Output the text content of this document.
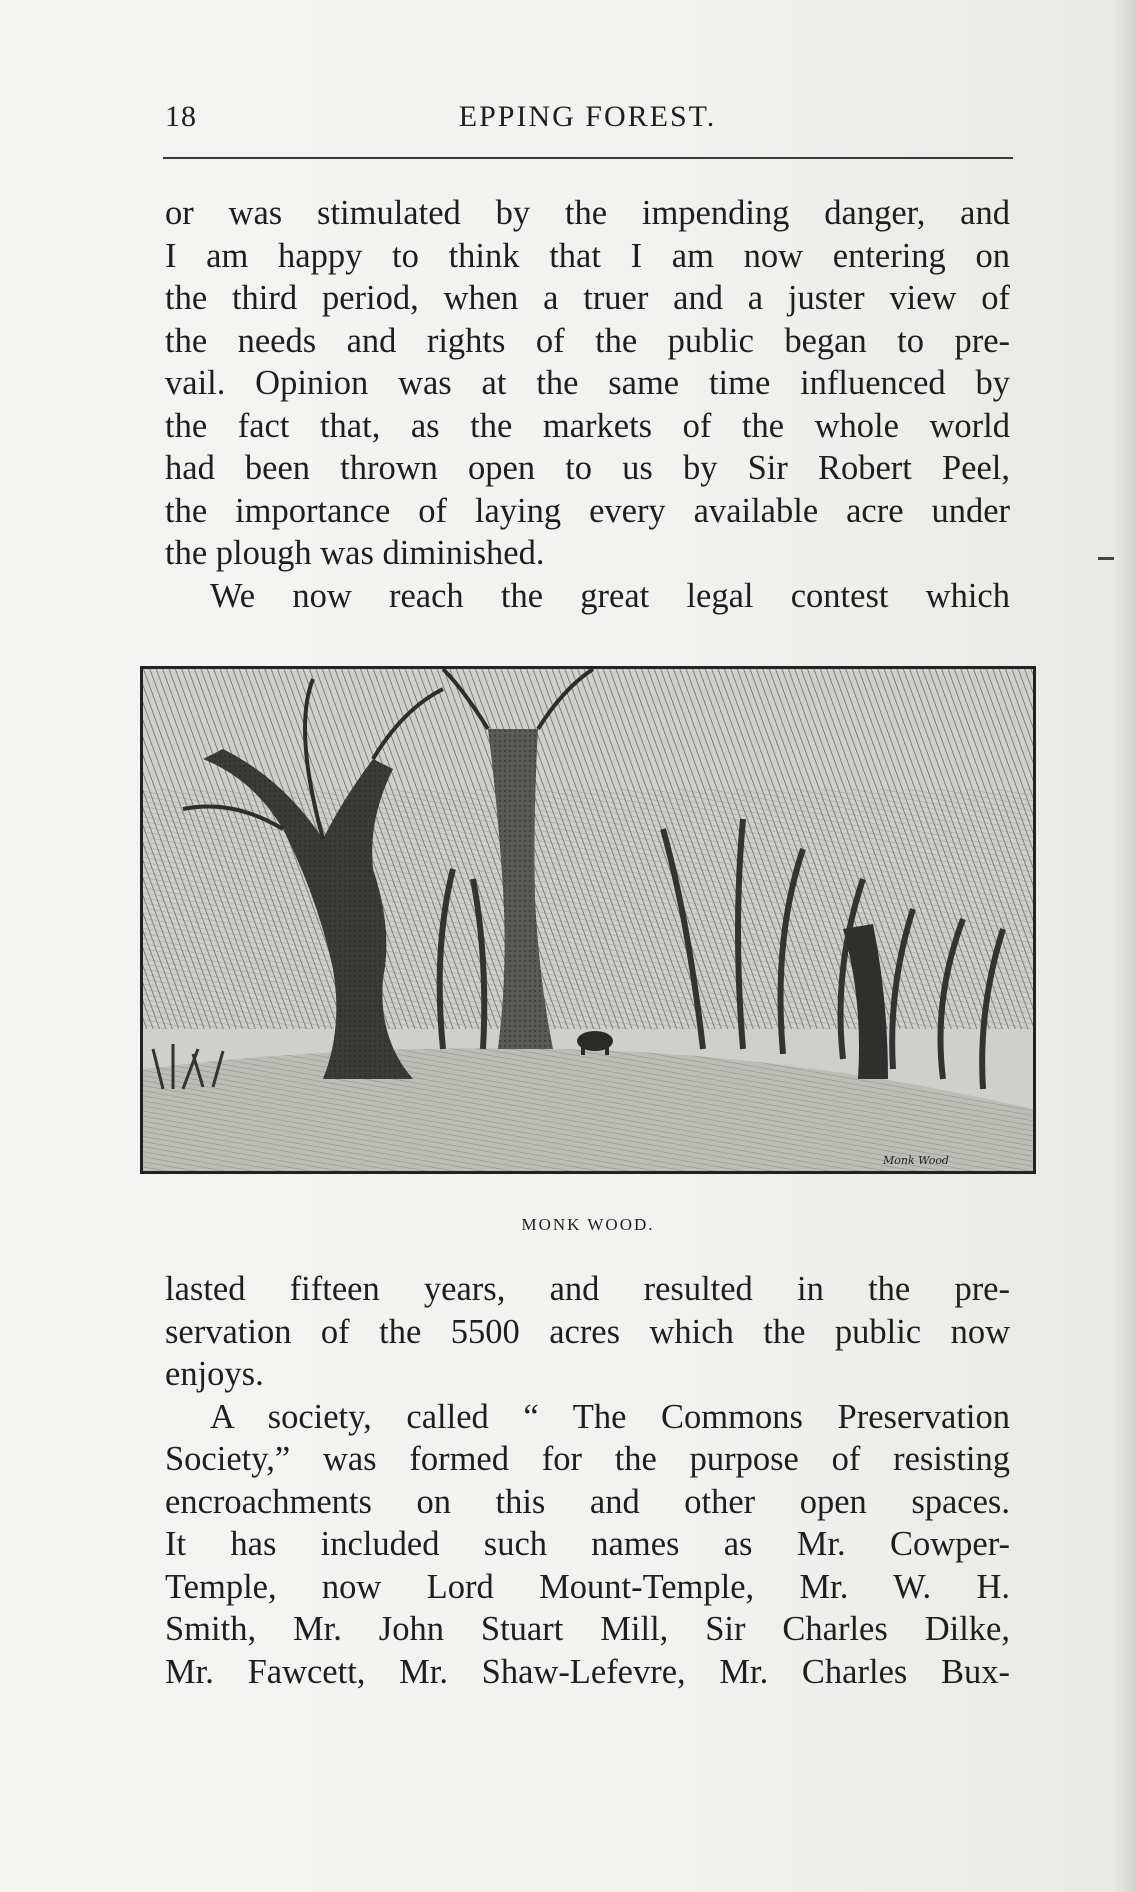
18	EPPING FOREST.
or was stimulated by the impending danger, and
I am happy to think that I am now entering on
the third period, when a truer and a juster view of
the needs and rights of the public began to pre-
vail. Opinion was at the same time influenced by
the fact that, as the markets of the whole world
had been thrown open to us by Sir Robert Peel,
the importance of laying every available acre under
the plough was diminished.
We now reach the great legal contest which
Monk Wood
MONK WOOD.
lasted fifteen years, and resulted in the pre-
servation of the 5500 acres which the public now
enjoys.
A society, called “ The Commons Preservation
Society,” was formed for the purpose of resisting
encroachments on this and other open spaces.
It has included such names as Mr. Cowper-
Temple, now Lord Mount-Temple, Mr. W. H.
Smith, Mr. John Stuart Mill, Sir Charles Dilke,
Mr. Fawcett, Mr. Shaw-Lefevre, Mr. Charles Bux-
